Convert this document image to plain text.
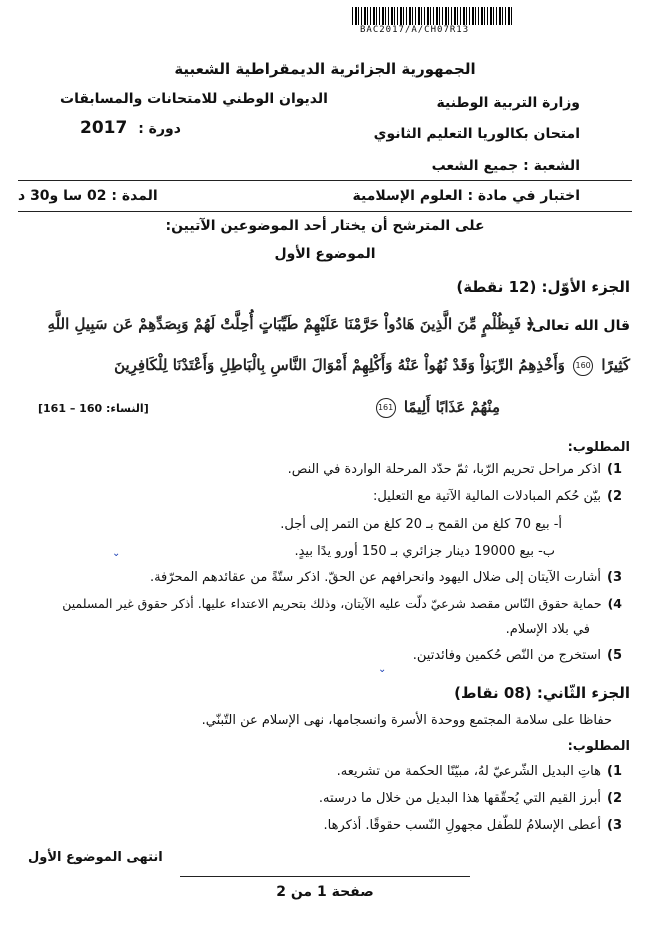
BAC2017/A/CH07R13
الجمهورية الجزائرية الديمقراطية الشعبية
وزارة التربية الوطنية
الديوان الوطني للامتحانات والمسابقات
امتحان بكالوريا التعليم الثانوي
دورة : 2017
الشعبة : جميع الشعب
اختبار في مادة : العلوم الإسلامية
المدة : 02 سا و30 د
على المترشح أن يختار أحد الموضوعين الآتيين:
الموضوع الأول
الجزء الأوّل: (12 نقطة)
قال الله تعالى:
﴿ فَبِظُلْمٍ مِّنَ الَّذِينَ هَادُواْ حَرَّمْنَا عَلَيْهِمْ طَيِّبَاتٍ أُحِلَّتْ لَهُمْ وَبِصَدِّهِمْ عَن سَبِيلِ اللَّهِ
كَثِيرًا 160 وَأَخْذِهِمُ الرِّبَوٰاْ وَقَدْ نُهُواْ عَنْهُ وَأَكْلِهِمْ أَمْوَالَ النَّاسِ بِالْبَاطِلِ وَأَعْتَدْنَا لِلْكَافِرِينَ
مِنْهُمْ عَذَابًا أَلِيمًا 161
[النساء: 160 – 161]
المطلوب:
1)اذكر مراحل تحريم الرّبا، ثمّ حدّد المرحلة الواردة في النص.
2)بيّن حُكم المبادلات المالية الآتية مع التعليل:
أ- بيع 70 كلغ من القمح بـ 20 كلغ من التمر إلى أجل.
ب- بيع 19000 دينار جزائري بـ 150 أورو يدًا بيدٍ.
⌄
3)أشارت الآيتان إلى ضلال اليهود وانحرافهم عن الحقّ. اذكر ستّةً من عقائدهم المحرّفة.
4)حماية حقوق النّاس مقصد شرعيّ دلّت عليه الآيتان، وذلك بتحريم الاعتداء عليها. أذكر حقوق غير المسلمين
في بلاد الإسلام.
5)استخرج من النّص حُكمين وفائدتين.
⌄
الجزء الثّاني: (08 نقاط)
حفاظا على سلامة المجتمع ووحدة الأسرة وانسجامها، نهى الإسلام عن التّبنّي.
المطلوب:
1)هاتِ البديل الشّرعيّ لهُ، مبيّنًا الحكمة من تشريعه.
2)أبرز القيم التي يُحقّقها هذا البديل من خلال ما درسته.
3)أعطى الإسلامُ للطّفل مجهولِ النّسب حقوقًا. أذكرها.
انتهى الموضوع الأول
صفحة 1 من 2
